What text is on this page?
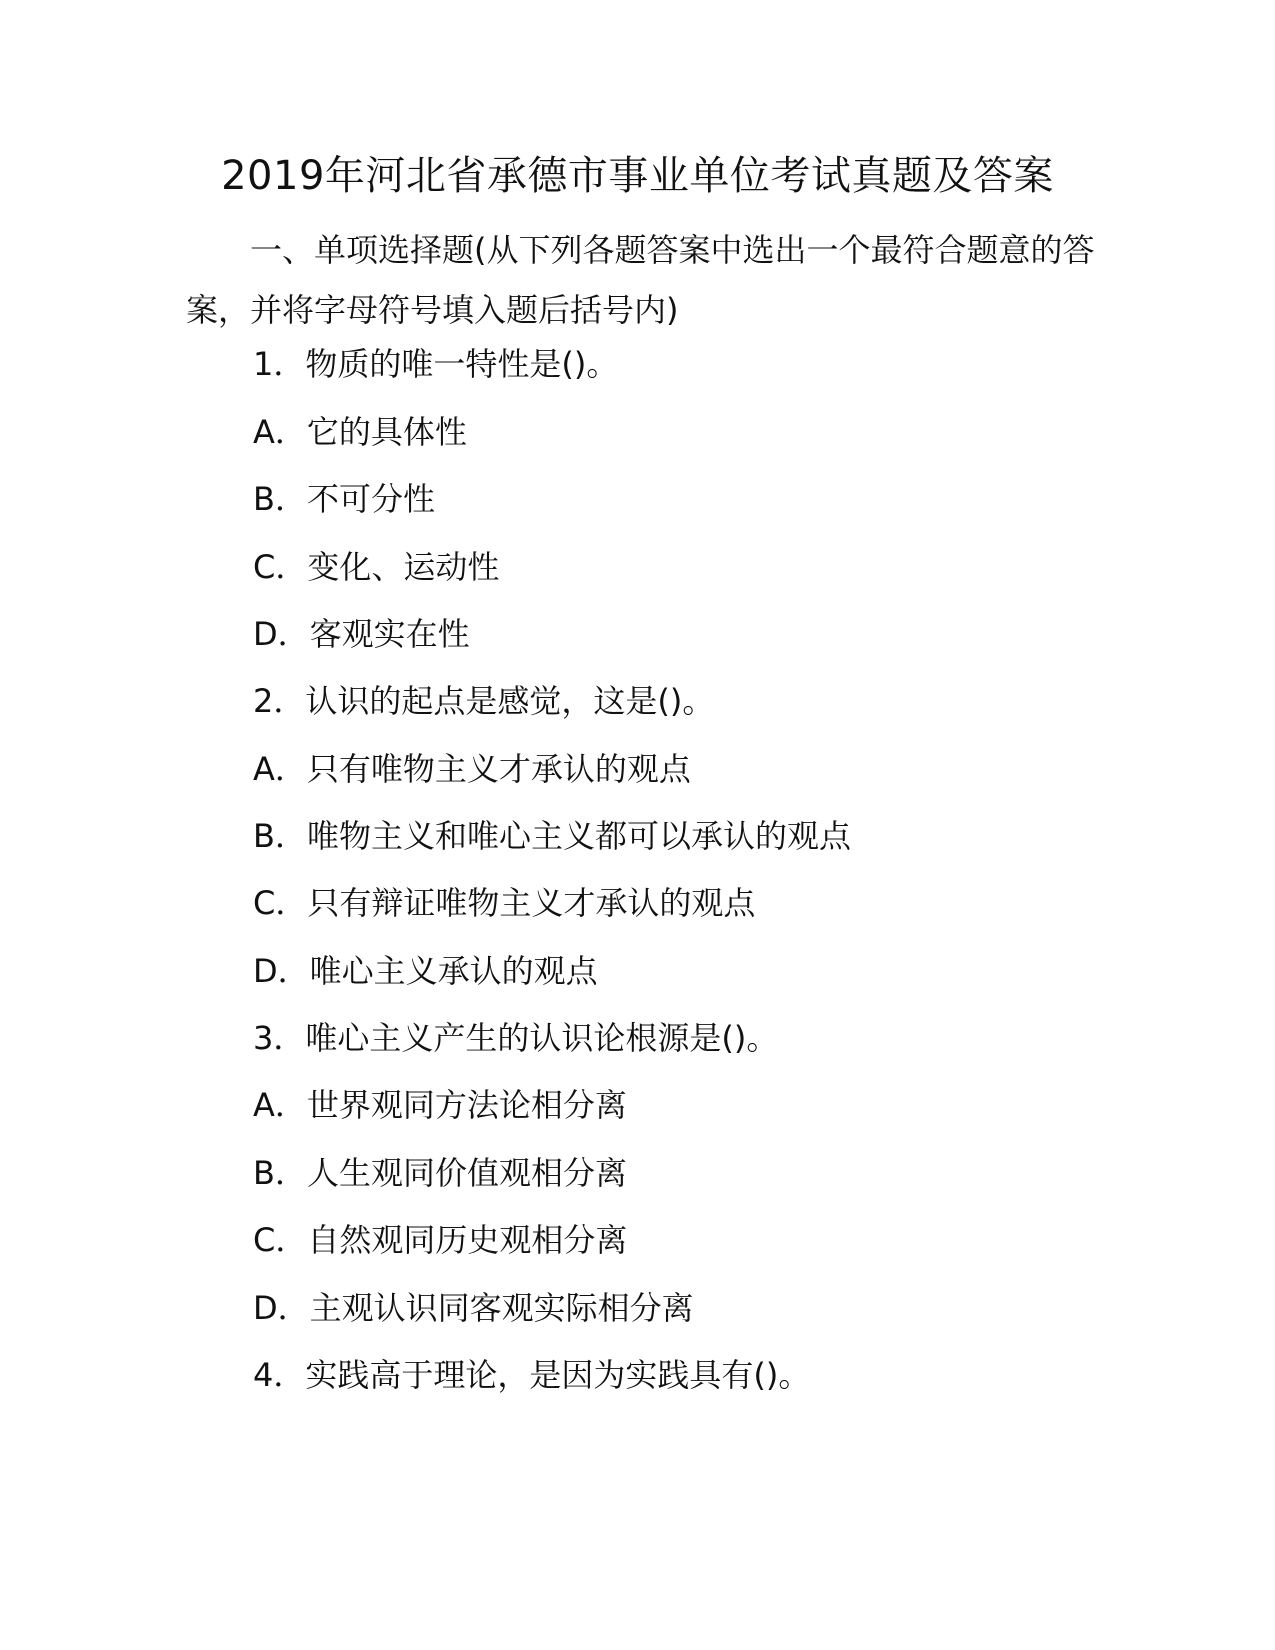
2019年河北省承德市事业单位考试真题及答案
一、单项选择题(从下列各题答案中选出一个最符合题意的答案，并将字母符号填入题后括号内)
1．物质的唯一特性是()。
A．它的具体性
B．不可分性
C．变化、运动性
D．客观实在性
2．认识的起点是感觉，这是()。
A．只有唯物主义才承认的观点
B．唯物主义和唯心主义都可以承认的观点
C．只有辩证唯物主义才承认的观点
D．唯心主义承认的观点
3．唯心主义产生的认识论根源是()。
A．世界观同方法论相分离
B．人生观同价值观相分离
C．自然观同历史观相分离
D．主观认识同客观实际相分离
4．实践高于理论，是因为实践具有()。
